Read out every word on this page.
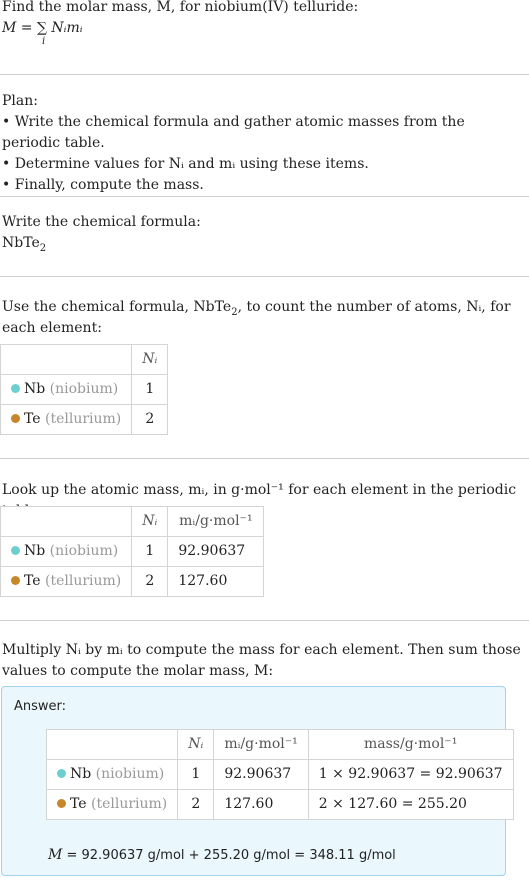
Find the molar mass, M, for niobium(IV) telluride:
M = ∑ Nᵢmᵢ
i
Plan:
• Write the chemical formula and gather atomic masses from the periodic table.
• Determine values for Nᵢ and mᵢ using these items.
• Finally, compute the mass.
Write the chemical formula:
NbTe$_2$
Use the chemical formula, NbTe$_2$, to count the number of atoms, Nᵢ, for each element:
	Nᵢ
Nb (niobium)	1
Te (tellurium)	2
Look up the atomic mass, mᵢ, in g·mol⁻¹ for each element in the periodic
	Nᵢ	mᵢ/g·mol⁻¹
Nb (niobium)	1	92.90637
Te (tellurium)	2	127.60
Multiply Nᵢ by mᵢ to compute the mass for each element. Then sum those values to compute the molar mass, M:
Answer:
	Nᵢ	mᵢ/g·mol⁻¹	mass/g·mol⁻¹
Nb (niobium)	1	92.90637	1 × 92.90637 = 92.90637
Te (tellurium)	2	127.60	2 × 127.60 = 255.20
M = 92.90637 g/mol + 255.20 g/mol = 348.11 g/mol
